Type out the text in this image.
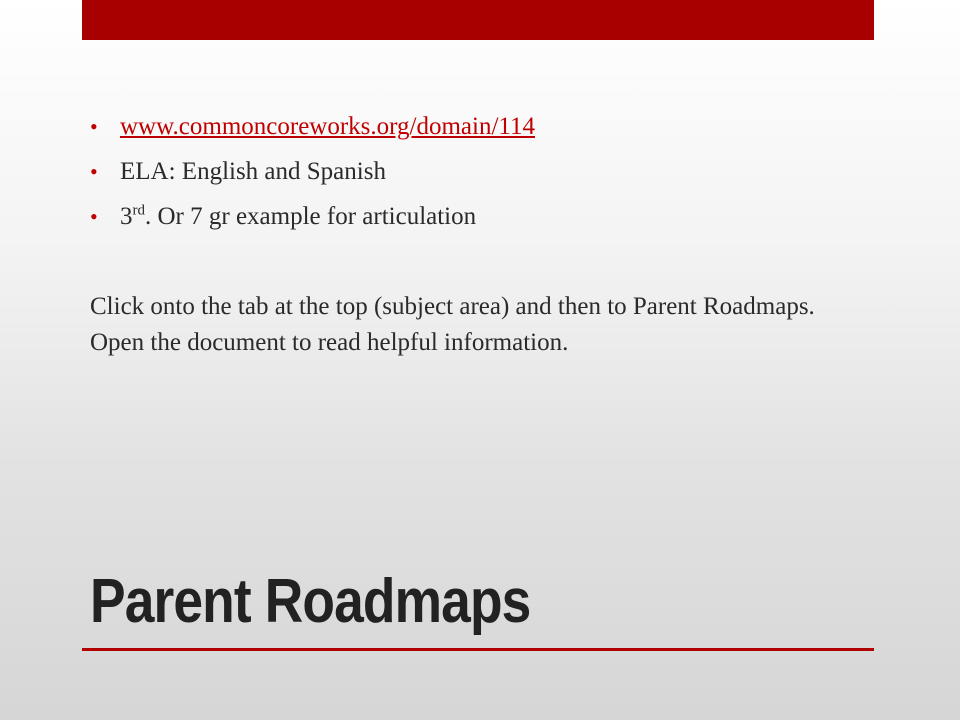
• www.commoncoreworks.org/domain/114
• ELA: English and Spanish
• 3rd. Or 7 gr example for articulation

Click onto the tab at the top (subject area) and then to Parent Roadmaps. Open the document to read helpful information.

Parent Roadmaps
